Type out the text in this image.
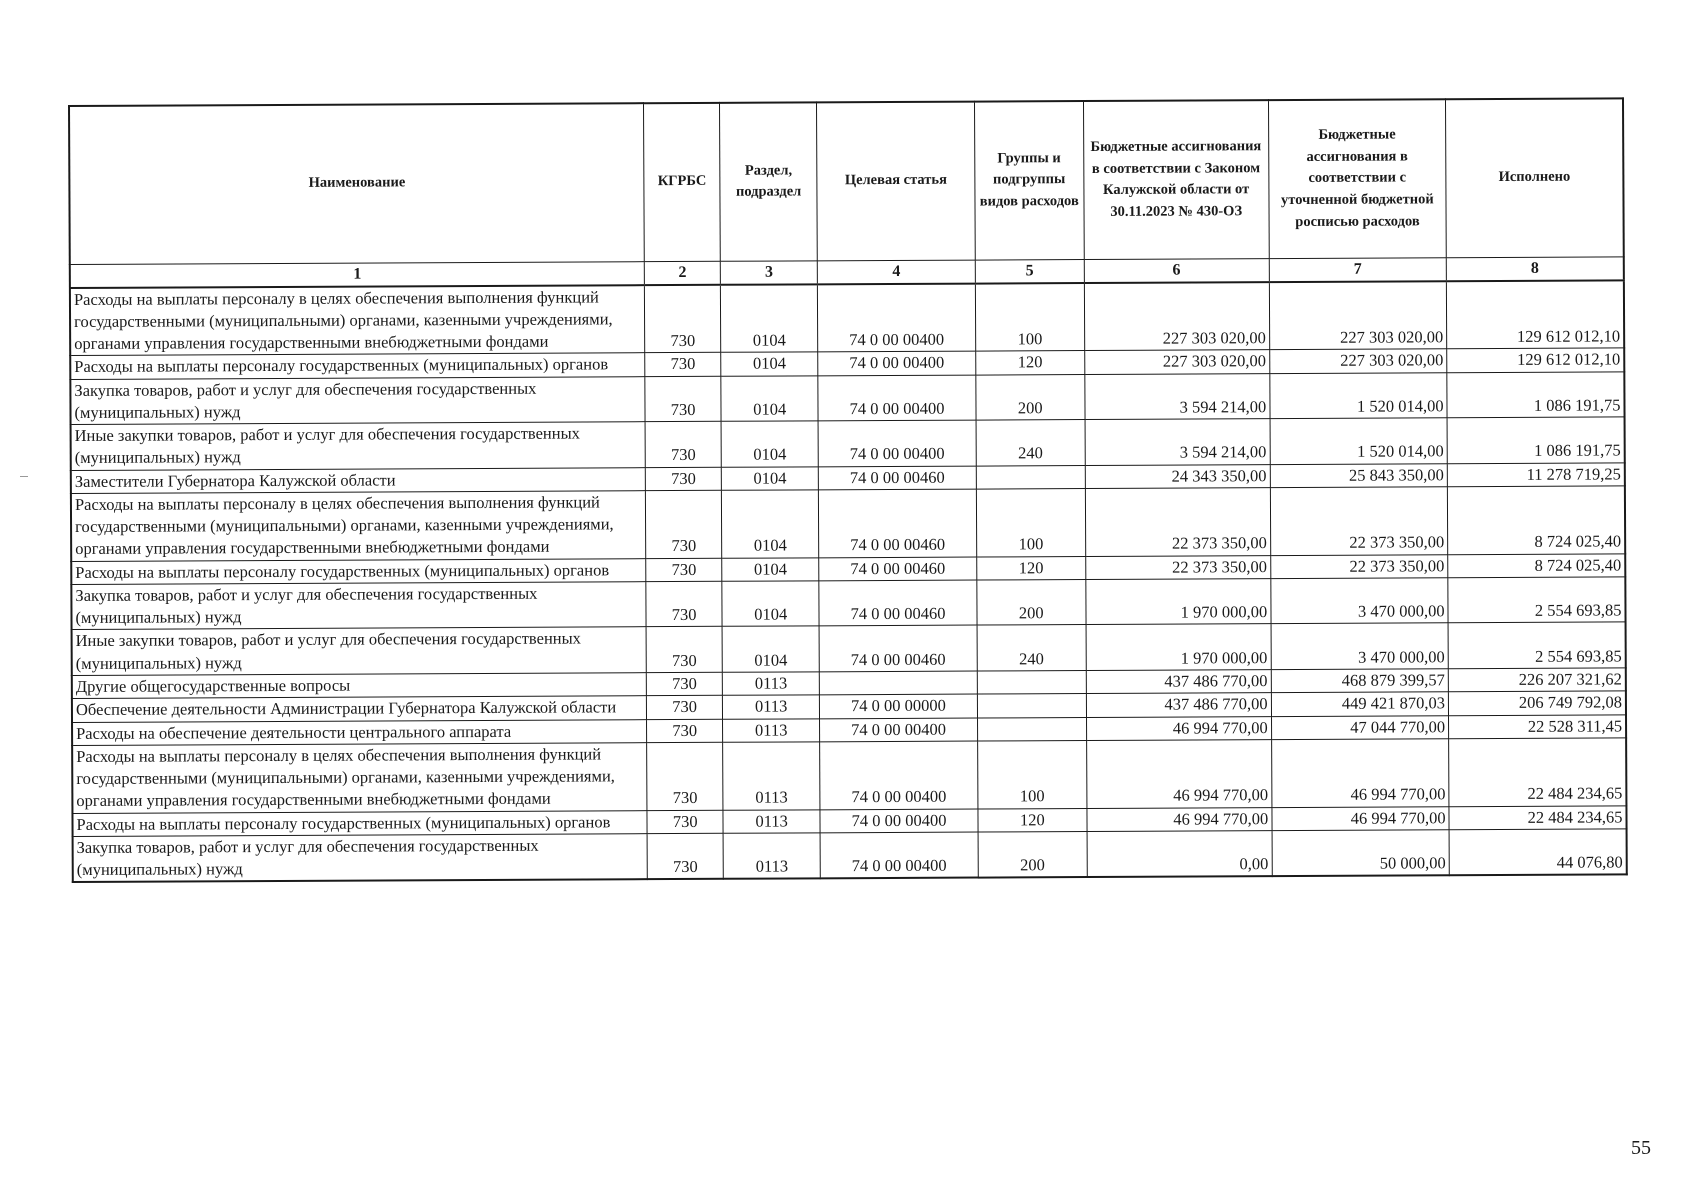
Наименование	КГРБС	Раздел, подраздел	Целевая статья	Группы и подгруппы видов расходов	Бюджетные ассигнования в соответствии с Законом Калужской области от 30.11.2023 № 430-ОЗ	Бюджетные ассигнования в соответствии с уточненной бюджетной росписью расходов	Исполнено
1	2	3	4	5	6	7	8
Расходы на выплаты персоналу в целях обеспечения выполнения функций государственными (муниципальными) органами, казенными учреждениями, органами управления государственными внебюджетными фондами	730	0104	74 0 00 00400	100	227 303 020,00	227 303 020,00	129 612 012,10
Расходы на выплаты персоналу государственных (муниципальных) органов	730	0104	74 0 00 00400	120	227 303 020,00	227 303 020,00	129 612 012,10
Закупка товаров, работ и услуг для обеспечения государственных (муниципальных) нужд	730	0104	74 0 00 00400	200	3 594 214,00	1 520 014,00	1 086 191,75
Иные закупки товаров, работ и услуг для обеспечения государственных (муниципальных) нужд	730	0104	74 0 00 00400	240	3 594 214,00	1 520 014,00	1 086 191,75
Заместители Губернатора Калужской области	730	0104	74 0 00 00460		24 343 350,00	25 843 350,00	11 278 719,25
Расходы на выплаты персоналу в целях обеспечения выполнения функций государственными (муниципальными) органами, казенными учреждениями, органами управления государственными внебюджетными фондами	730	0104	74 0 00 00460	100	22 373 350,00	22 373 350,00	8 724 025,40
Расходы на выплаты персоналу государственных (муниципальных) органов	730	0104	74 0 00 00460	120	22 373 350,00	22 373 350,00	8 724 025,40
Закупка товаров, работ и услуг для обеспечения государственных (муниципальных) нужд	730	0104	74 0 00 00460	200	1 970 000,00	3 470 000,00	2 554 693,85
Иные закупки товаров, работ и услуг для обеспечения государственных (муниципальных) нужд	730	0104	74 0 00 00460	240	1 970 000,00	3 470 000,00	2 554 693,85
Другие общегосударственные вопросы	730	0113			437 486 770,00	468 879 399,57	226 207 321,62
Обеспечение деятельности Администрации Губернатора Калужской области	730	0113	74 0 00 00000		437 486 770,00	449 421 870,03	206 749 792,08
Расходы на обеспечение деятельности центрального аппарата	730	0113	74 0 00 00400		46 994 770,00	47 044 770,00	22 528 311,45
Расходы на выплаты персоналу в целях обеспечения выполнения функций государственными (муниципальными) органами, казенными учреждениями, органами управления государственными внебюджетными фондами	730	0113	74 0 00 00400	100	46 994 770,00	46 994 770,00	22 484 234,65
Расходы на выплаты персоналу государственных (муниципальных) органов	730	0113	74 0 00 00400	120	46 994 770,00	46 994 770,00	22 484 234,65
Закупка товаров, работ и услуг для обеспечения государственных (муниципальных) нужд	730	0113	74 0 00 00400	200	0,00	50 000,00	44 076,80
55
